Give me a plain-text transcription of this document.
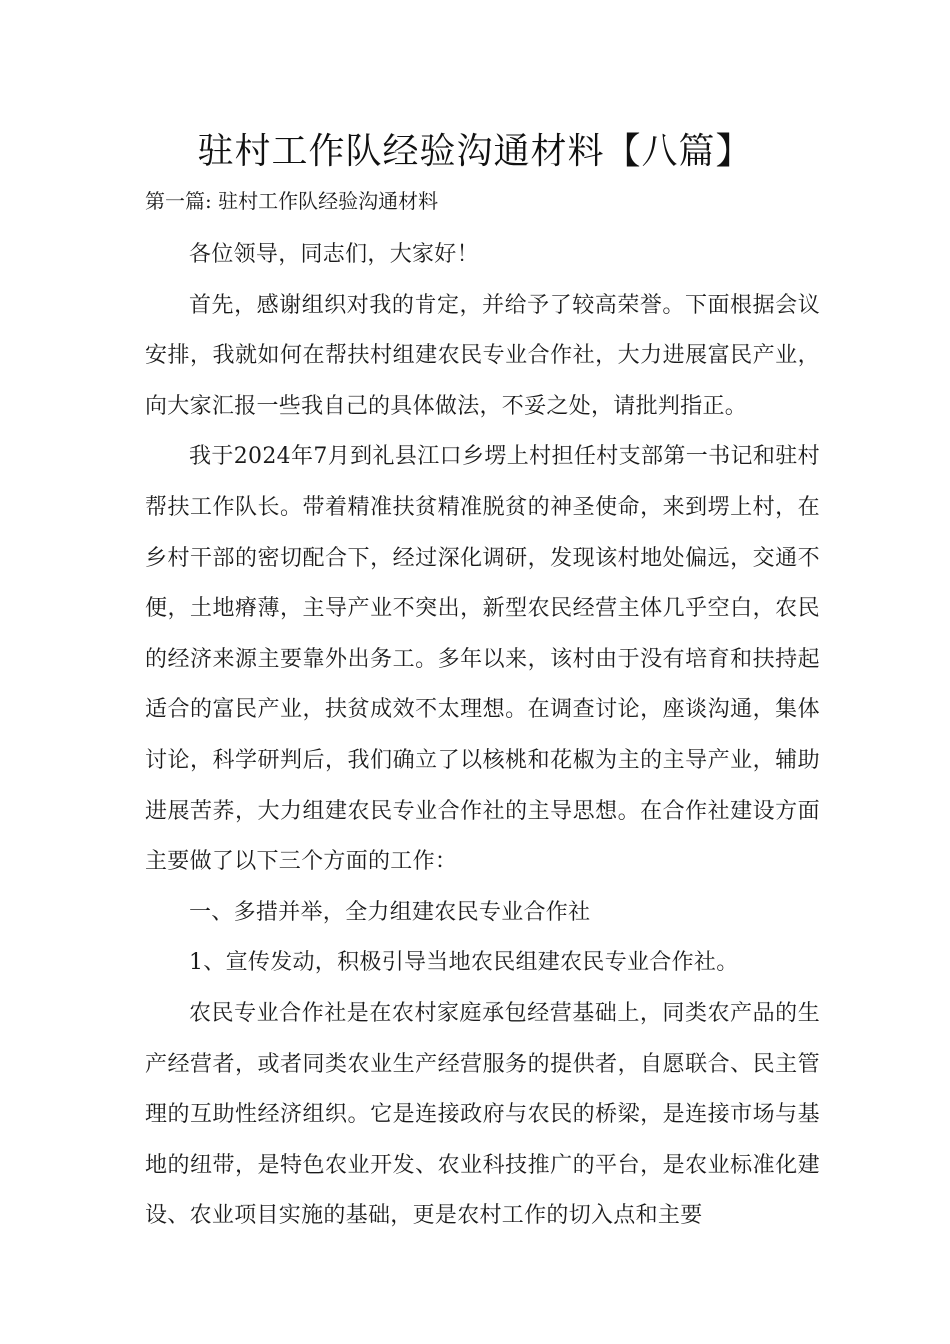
驻村工作队经验沟通材料【八篇】
第一篇: 驻村工作队经验沟通材料

各位领导，同志们，大家好！

首先，感谢组织对我的肯定，并给予了较高荣誉。下面根据会议安排，我就如何在帮扶村组建农民专业合作社，大力进展富民产业，向大家汇报一些我自己的具体做法，不妥之处，请批判指正。

我于2024年7月到礼县江口乡塄上村担任村支部第一书记和驻村帮扶工作队长。带着精准扶贫精准脱贫的神圣使命，来到塄上村，在乡村干部的密切配合下，经过深化调研，发现该村地处偏远，交通不便，土地瘠薄，主导产业不突出，新型农民经营主体几乎空白，农民的经济来源主要靠外出务工。多年以来，该村由于没有培育和扶持起适合的富民产业，扶贫成效不太理想。在调查讨论，座谈沟通，集体讨论，科学研判后，我们确立了以核桃和花椒为主的主导产业，辅助进展苦荞，大力组建农民专业合作社的主导思想。在合作社建设方面主要做了以下三个方面的工作：

一、多措并举，全力组建农民专业合作社

1、宣传发动，积极引导当地农民组建农民专业合作社。

农民专业合作社是在农村家庭承包经营基础上，同类农产品的生产经营者，或者同类农业生产经营服务的提供者，自愿联合、民主管理的互助性经济组织。它是连接政府与农民的桥梁，是连接市场与基地的纽带，是特色农业开发、农业科技推广的平台，是农业标准化建设、农业项目实施的基础，更是农村工作的切入点和主要
